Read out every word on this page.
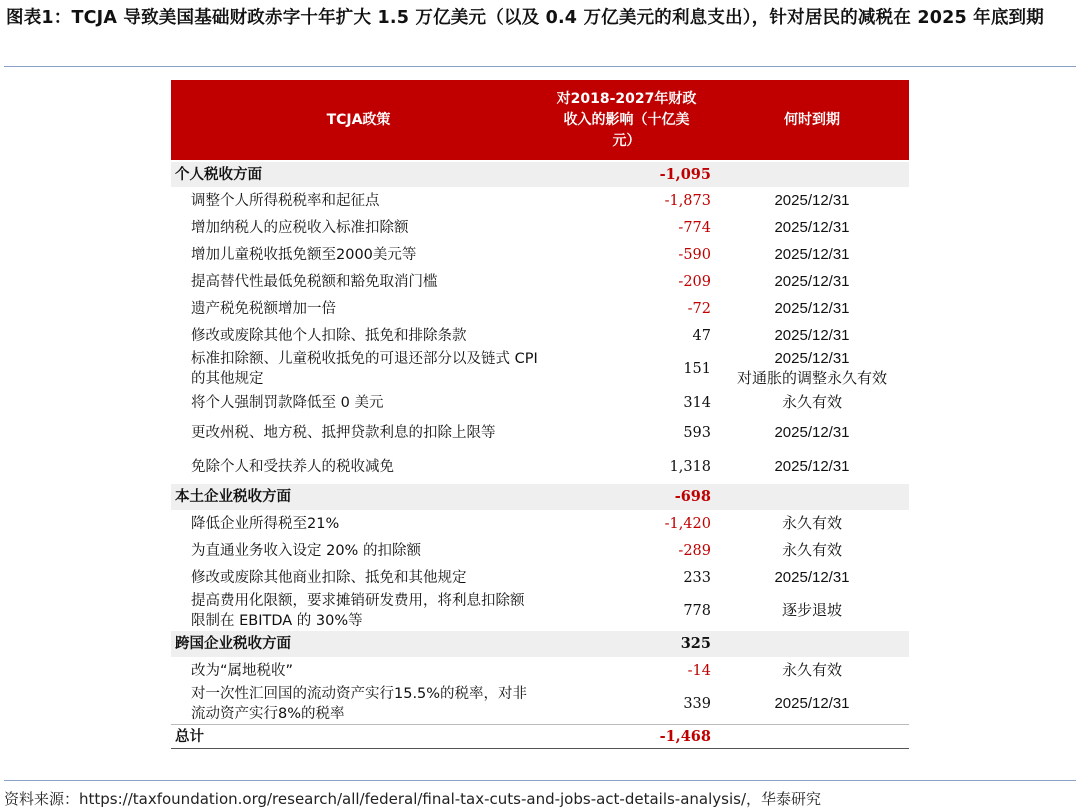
图表1：TCJA 导致美国基础财政赤字十年扩大 1.5 万亿美元（以及 0.4 万亿美元的利息支出），针对居民的减税在 2025 年底到期
TCJA政策	对2018-2027年财政收入的影响（十亿美元）	何时到期
个人税收方面	-1,095	
调整个人所得税税率和起征点	-1,873	2025/12/31

增加纳税人的应税收入标准扣除额	-774	2025/12/31

增加儿童税收抵免额至2000美元等	-590	2025/12/31

提高替代性最低免税额和豁免取消门槛	-209	2025/12/31

遗产税免税额增加一倍	-72	2025/12/31

修改或废除其他个人扣除、抵免和排除条款	47	2025/12/31

标准扣除额、儿童税收抵免的可退还部分以及链式 CPI 的其他规定	151	2025/12/31
对通胀的调整永久有效

将个人强制罚款降低至 0 美元	314	永久有效

更改州税、地方税、抵押贷款利息的扣除上限等	593	2025/12/31

免除个人和受扶养人的税收减免	1,318	2025/12/31

本土企业税收方面	-698	
降低企业所得税至21%	-1,420	永久有效

为直通业务收入设定 20% 的扣除额	-289	永久有效

修改或废除其他商业扣除、抵免和其他规定	233	2025/12/31

提高费用化限额，要求摊销研发费用，将利息扣除额限制在 EBITDA 的 30%等	778	逐步退坡

跨国企业税收方面	325	
改为“属地税收”	-14	永久有效

对一次性汇回国的流动资产实行15.5%的税率，对非流动资产实行8%的税率	339	2025/12/31

总计	-1,468	
资料来源：https://taxfoundation.org/research/all/federal/final-tax-cuts-and-jobs-act-details-analysis/，华泰研究
